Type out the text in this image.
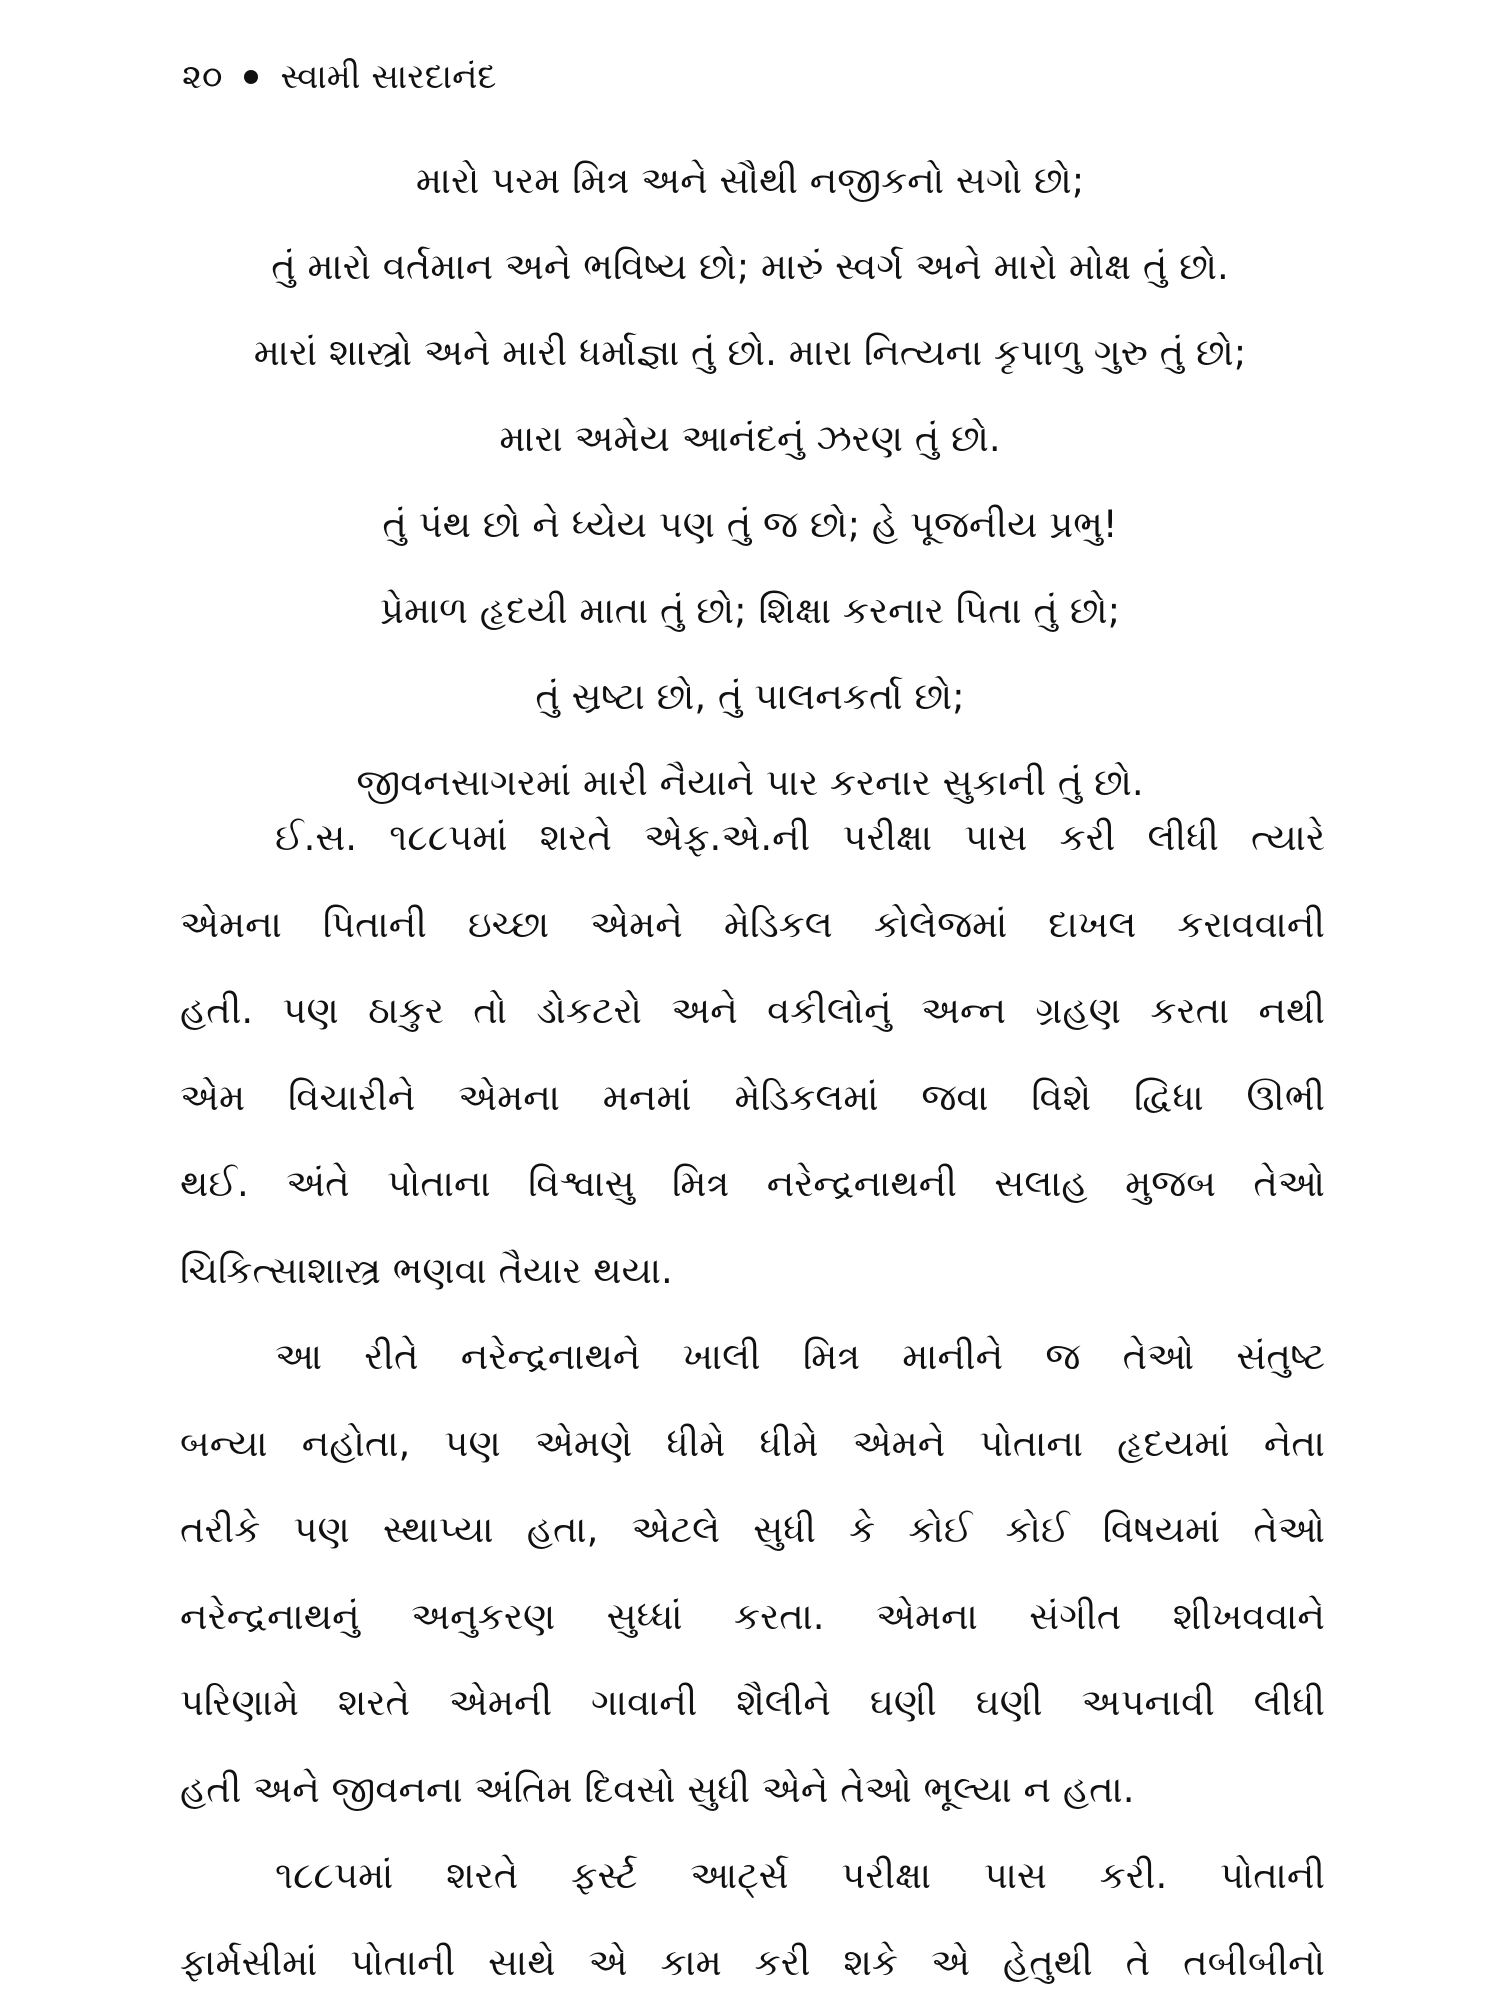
૨૦ સ્વામી સારદાનંદ
મારો પરમ મિત્ર અને સૌથી નજીકનો સગો છો;
તું મારો વર્તમાન અને ભવિષ્ય છો; મારું સ્વર્ગ અને મારો મોક્ષ તું છો.
મારાં શાસ્ત્રો અને મારી ધર્માજ્ઞા તું છો. મારા નિત્યના કૃપાળુ ગુરુ તું છો;
મારા અમેય આનંદનું ઝરણ તું છો.
તું પંથ છો ને ધ્યેય પણ તું જ છો; હે પૂજનીય પ્રભુ!
પ્રેમાળ હૃદયી માતા તું છો; શિક્ષા કરનાર પિતા તું છો;
તું સ્રષ્ટા છો, તું પાલનકર્તા છો;
જીવનસાગરમાં મારી નૈયાને પાર કરનાર સુકાની તું છો.
ઈ.સ. ૧૮૮૫માં શરતે એફ.એ.ની પરીક્ષા પાસ કરી લીધી ત્યારે
એમના પિતાની ઇચ્છા એમને મેડિકલ કોલેજમાં દાખલ કરાવવાની
હતી. પણ ઠાકુર તો ડોકટરો અને વકીલોનું અન્ન ગ્રહણ કરતા નથી
એમ વિચારીને એમના મનમાં મેડિકલમાં જવા વિશે દ્વિધા ઊભી
થઈ. અંતે પોતાના વિશ્વાસુ મિત્ર નરેન્દ્રનાથની સલાહ મુજબ તેઓ
ચિકિત્સાશાસ્ત્ર ભણવા તૈયાર થયા.
આ રીતે નરેન્દ્રનાથને ખાલી મિત્ર માનીને જ તેઓ સંતુષ્ટ
બન્યા નહોતા, પણ એમણે ધીમે ધીમે એમને પોતાના હૃદયમાં નેતા
તરીકે પણ સ્થાપ્યા હતા, એટલે સુધી કે કોઈ કોઈ વિષયમાં તેઓ
નરેન્દ્રનાથનું અનુકરણ સુધ્ધાં કરતા. એમના સંગીત શીખવવાને
પરિણામે શરતે એમની ગાવાની શૈલીને ઘણી ઘણી અપનાવી લીધી
હતી અને જીવનના અંતિમ દિવસો સુધી એને તેઓ ભૂલ્યા ન હતા.
૧૮૮૫માં શરતે ફર્સ્ટ આર્ટ્સ પરીક્ષા પાસ કરી. પોતાની
ફાર્મસીમાં પોતાની સાથે એ કામ કરી શકે એ હેતુથી તે તબીબીનો
